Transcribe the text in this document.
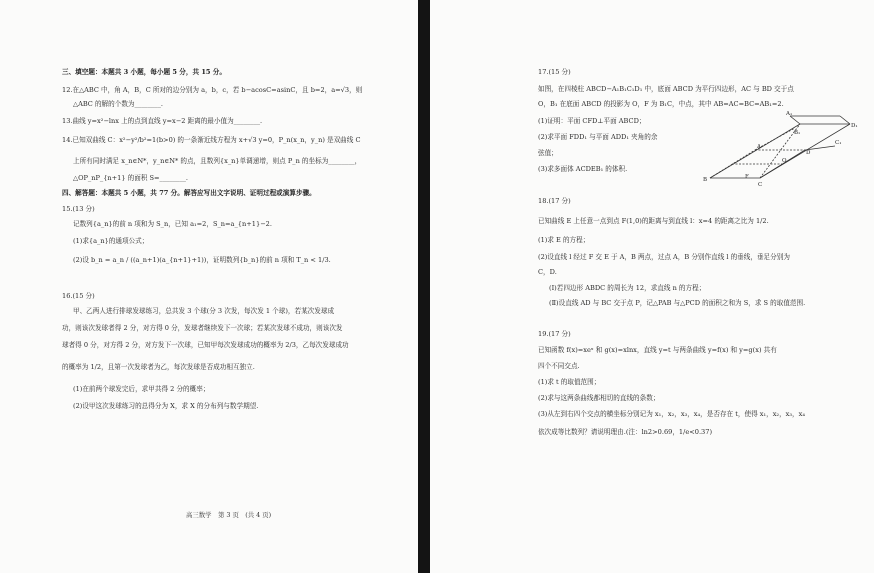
三、填空题：本题共 3 小题，每小题 5 分，共 15 分。
12.在△ABC 中，角 A，B，C 所对的边分别为 a，b，c，若 b−acosC=asinC，且 b=2，a=√3，则
△ABC 的解的个数为________.
13.曲线 y=x²−lnx 上的点到直线 y=x−2 距离的最小值为________.
14.已知双曲线 C：x²−y²/b²=1(b>0) 的一条渐近线方程为 x+√3 y=0，P_n(x_n，y_n) 是双曲线 C
上所有同时满足 x_n∈N*，y_n∈N* 的点，且数列{x_n}单调递增，则点 P_n 的坐标为________，
△OP_nP_{n+1} 的面积 S=________.
四、解答题：本题共 5 小题，共 77 分。解答应写出文字说明、证明过程或演算步骤。
15.(13 分)
记数列{a_n}的前 n 项和为 S_n，已知 a₁=2，S_n=a_{n+1}−2.
(1)求{a_n}的通项公式；
(2)设 b_n = a_n / ((a_n+1)(a_{n+1}+1))，证明数列{b_n}的前 n 项和 T_n < 1/3.
16.(15 分)
甲、乙两人进行排球发球练习，总共发 3 个球(分 3 次发，每次发 1 个球)，若某次发球成
功，则该次发球者得 2 分，对方得 0 分，发球者继续发下一次球；若某次发球不成功，则该次发
球者得 0 分，对方得 2 分，对方发下一次球，已知甲每次发球成功的概率为 2/3，乙每次发球成功
的概率为 1/2，且第一次发球者为乙，每次发球是否成功相互独立.
(1)在前两个球发完后，求甲共得 2 分的概率；
(2)设甲这次发球练习的总得分为 X，求 X 的分布列与数学期望.
高三数学　第 3 页　(共 4 页)
17.(15 分)
如图，在四棱柱 ABCD−A₁B₁C₁D₁ 中，底面 ABCD 为平行四边形，AC 与 BD 交于点
O，B₁ 在底面 ABCD 的投影为 O，F 为 B₁C，中点，其中 AB=AC=BC=AB₁=2.
(1)证明：平面 CFD⊥平面 ABCD；
(2)求平面 FDD₁ 与平面 ADD₁ 夹角的余
弦值；
(3)求多面体 ACDEB₁ 的体积.
A₁
D₁
C₁
B₁
A
D
C
B	F
O
18.(17 分)
已知曲线 E 上任意一点到点 F(1,0)的距离与到直线 l：x=4 的距离之比为 1/2.
(1)求 E 的方程；
(2)设直线 l 经过 F 交 E 于 A，B 两点，过点 A，B 分别作直线 l 的垂线，垂足分别为
C，D.
(Ⅰ)若四边形 ABDC 的周长为 12，求直线 n 的方程；
(Ⅱ)设直线 AD 与 BC 交于点 P，记△PAB 与△PCD 的面积之和为 S，求 S 的取值范围.
19.(17 分)
已知函数 f(x)=xeˣ 和 g(x)=xlnx，直线 y=t 与两条曲线 y=f(x) 和 y=g(x) 共有
四个不同交点.
(1)求 t 的取值范围；
(2)求与这两条曲线都相切的直线的条数；
(3)从左到右四个交点的横坐标分别记为 x₁，x₂，x₃，x₄，是否存在 t，使得 x₁，x₂，x₃，x₄
依次成等比数列？请说明理由.(注：ln2>0.69，1/e<0.37)
